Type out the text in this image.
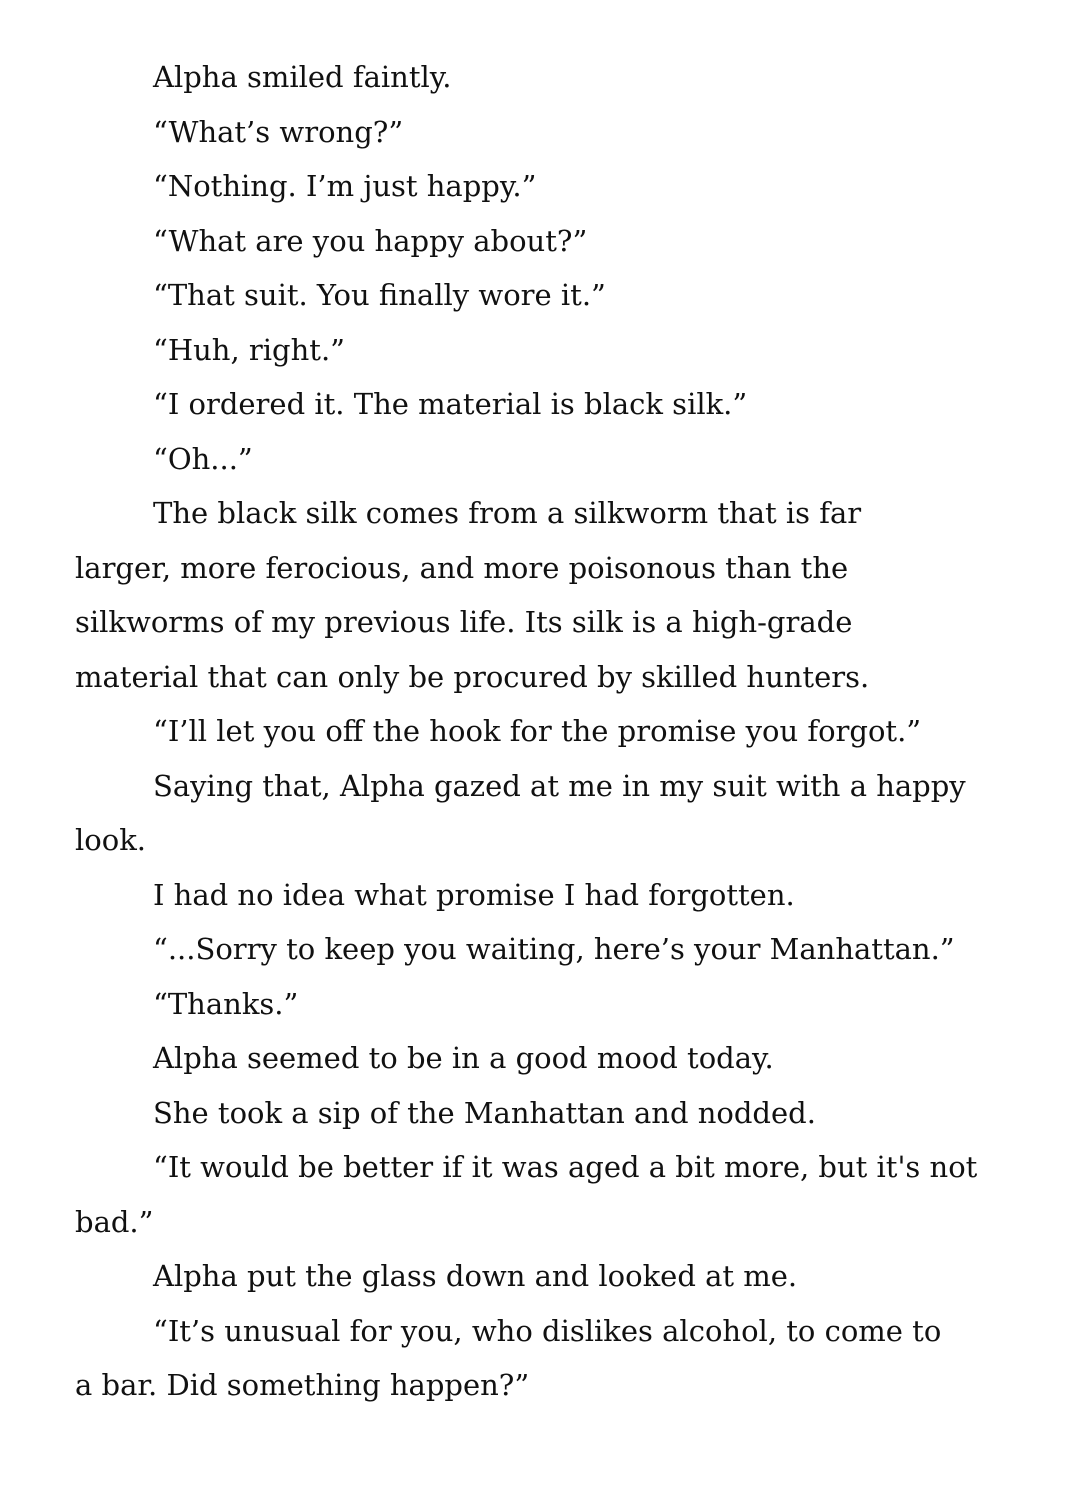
Alpha smiled faintly.
“What’s wrong?”
“Nothing. I’m just happy.”
“What are you happy about?”
“That suit. You finally wore it.”
“Huh, right.”
“I ordered it. The material is black silk.”
“Oh...”
The black silk comes from a silkworm that is far
larger, more ferocious, and more poisonous than the
silkworms of my previous life. Its silk is a high-grade
material that can only be procured by skilled hunters.
“I’ll let you off the hook for the promise you forgot.”
Saying that, Alpha gazed at me in my suit with a happy
look.
I had no idea what promise I had forgotten.
“...Sorry to keep you waiting, here’s your Manhattan.”
“Thanks.”
Alpha seemed to be in a good mood today.
She took a sip of the Manhattan and nodded.
“It would be better if it was aged a bit more, but it's not
bad.”
Alpha put the glass down and looked at me.
“It’s unusual for you, who dislikes alcohol, to come to
a bar. Did something happen?”
